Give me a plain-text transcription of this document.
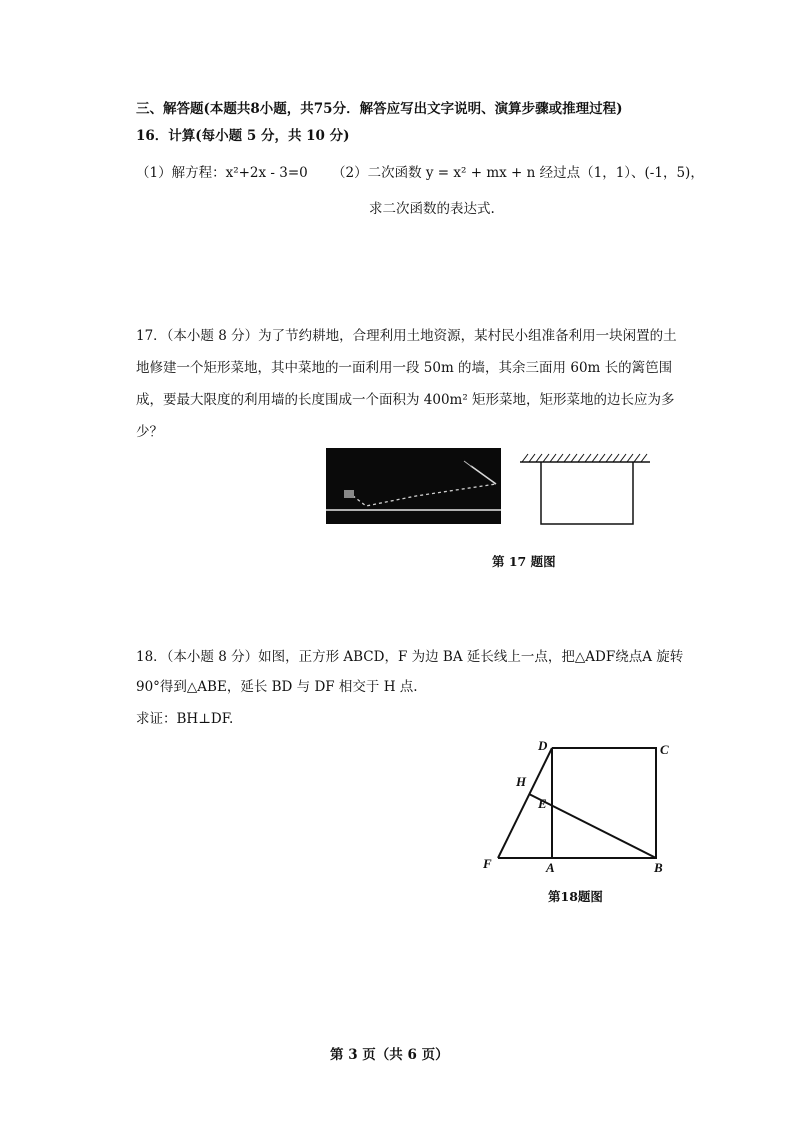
三、解答题(本题共8小题，共75分．解答应写出文字说明、演算步骤或推理过程)
16．计算(每小题 5 分，共 10 分)
（1）解方程：x²+2x - 3=0 （2）二次函数 y = x² + mx + n 经过点（1，1）、(-1，5)，
求二次函数的表达式.
17．（本小题 8 分）为了节约耕地，合理利用土地资源，某村民小组准备利用一块闲置的土
地修建一个矩形菜地，其中菜地的一面利用一段 50m 的墙，其余三面用 60m 长的篱笆围
成，要最大限度的利用墙的长度围成一个面积为 400m² 矩形菜地，矩形菜地的边长应为多
少？
第 17 题图
18．（本小题 8 分）如图，正方形 ABCD，F 为边 BA 延长线上一点，把△ADF绕点A 旋转
90°得到△ABE，延长 BD 与 DF 相交于 H 点.
求证：BH⊥DF.
D	C
H
E
F	A	B
第18题图
第 3 页（共 6 页）
